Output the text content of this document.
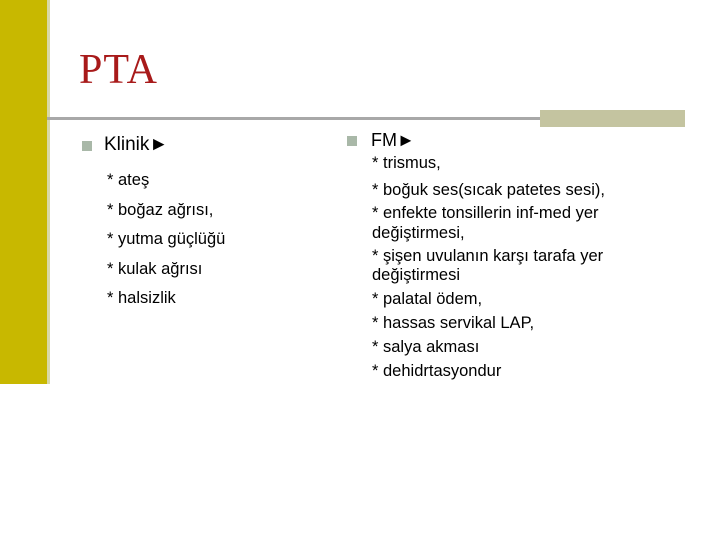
PTA
Klinik►
* ateş
* boğaz ağrısı,
* yutma güçlüğü
* kulak ağrısı
* halsizlik
FM►
* trismus,
* boğuk ses(sıcak patetes sesi),
* enfekte tonsillerin inf-med yer
değiştirmesi,
* şişen uvulanın karşı tarafa yer
değiştirmesi
* palatal ödem,
* hassas servikal LAP,
* salya akması
* dehidrtasyondur
